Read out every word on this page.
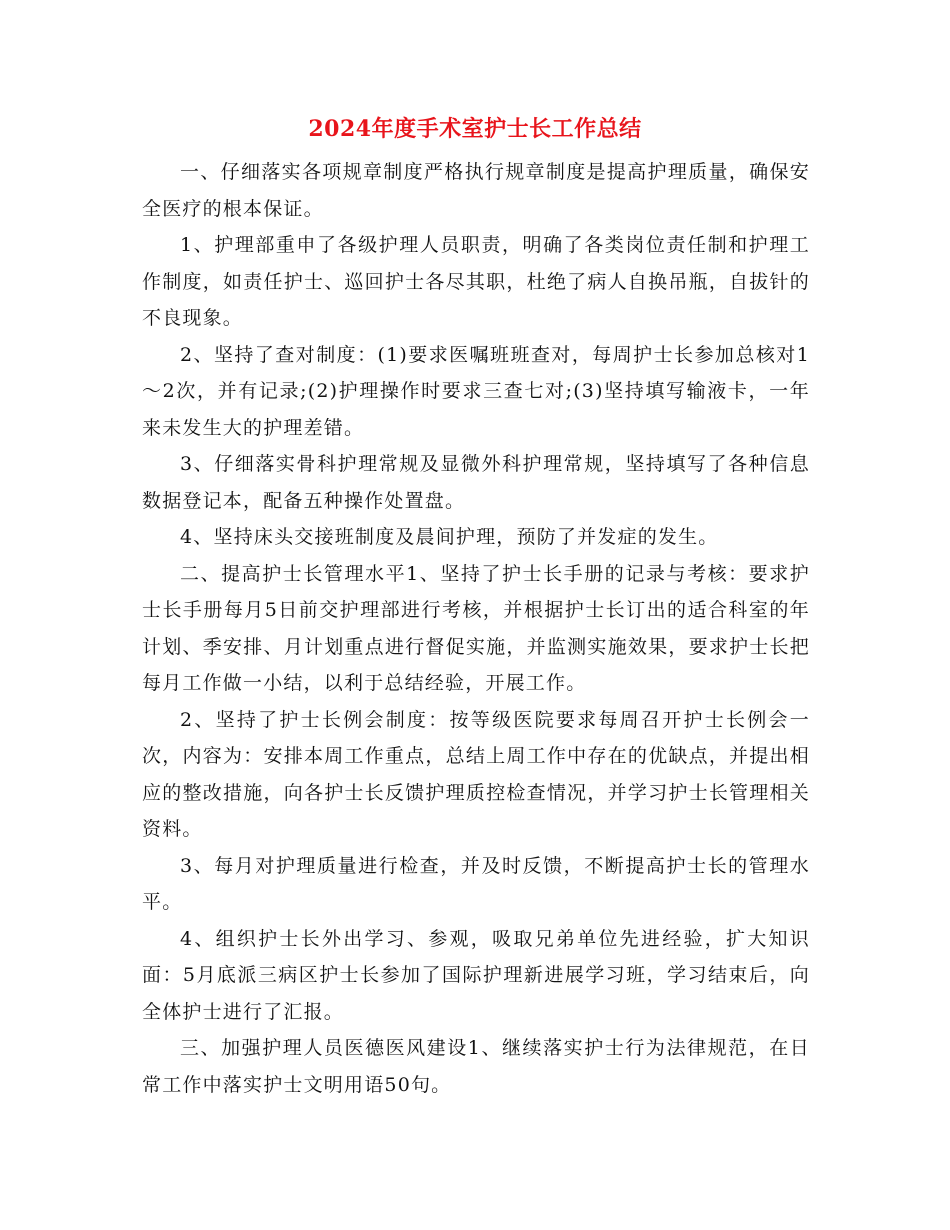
2024年度手术室护士长工作总结

一、仔细落实各项规章制度严格执行规章制度是提高护理质量，确保安全医疗的根本保证。

1、护理部重申了各级护理人员职责，明确了各类岗位责任制和护理工作制度，如责任护士、巡回护士各尽其职，杜绝了病人自换吊瓶，自拔针的不良现象。

2、坚持了查对制度：(1)要求医嘱班班查对，每周护士长参加总核对1～2次，并有记录;(2)护理操作时要求三查七对;(3)坚持填写输液卡，一年来未发生大的护理差错。

3、仔细落实骨科护理常规及显微外科护理常规，坚持填写了各种信息数据登记本，配备五种操作处置盘。

4、坚持床头交接班制度及晨间护理，预防了并发症的发生。

二、提高护士长管理水平1、坚持了护士长手册的记录与考核：要求护士长手册每月5日前交护理部进行考核，并根据护士长订出的适合科室的年计划、季安排、月计划重点进行督促实施，并监测实施效果，要求护士长把每月工作做一小结，以利于总结经验，开展工作。

2、坚持了护士长例会制度：按等级医院要求每周召开护士长例会一次，内容为：安排本周工作重点，总结上周工作中存在的优缺点，并提出相应的整改措施，向各护士长反馈护理质控检查情况，并学习护士长管理相关资料。

3、每月对护理质量进行检查，并及时反馈，不断提高护士长的管理水平。

4、组织护士长外出学习、参观，吸取兄弟单位先进经验，扩大知识面：5月底派三病区护士长参加了国际护理新进展学习班，学习结束后，向全体护士进行了汇报。

三、加强护理人员医德医风建设1、继续落实护士行为法律规范，在日常工作中落实护士文明用语50句。
